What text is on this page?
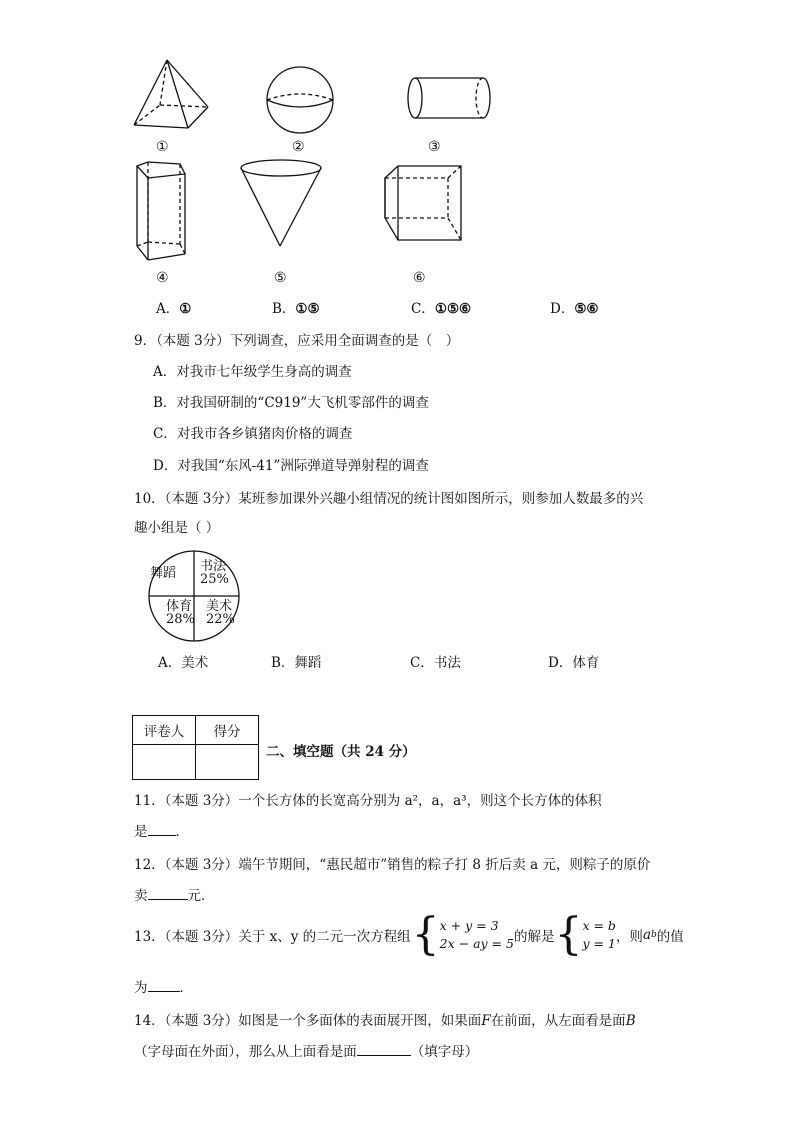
①	②	③
④	⑤	⑥
A．①	B．①⑤	C．①⑤⑥	D．⑤⑥
9．（本题 3分）下列调查，应采用全面调查的是（　）
A．对我市七年级学生身高的调查
B．对我国研制的“C919”大飞机零部件的调查
C．对我市各乡镇猪肉价格的调查
D．对我国“东风-41”洲际弹道导弹射程的调查
10．（本题 3分）某班参加课外兴趣小组情况的统计图如图所示，则参加人数最多的兴
趣小组是（ ）
舞蹈 书法
25%
体育
28%
美术
22%
A．美术	B．舞蹈	C．书法	D．体育
评卷人	得分

二、填空题（共 24 分）
11．（本题 3分）一个长方体的长宽高分别为 a²，a，a³，则这个长方体的体积
是 ．
12．（本题 3分）端午节期间，“惠民超市”销售的粽子打 8 折后卖 a 元，则粽子的原价
卖	元．
13．（本题 3分）关于 x、y 的二元一次方程组 { x + y = 3
2x − ay = 5 的解是 { x = b
y = 1 ，则 a b 的值
为 ．
14．（本题 3分）如图是一个多面体的表面展开图，如果面F在前面，从左面看是面B
（字母面在外面），那么从上面看是面	（填字母）
